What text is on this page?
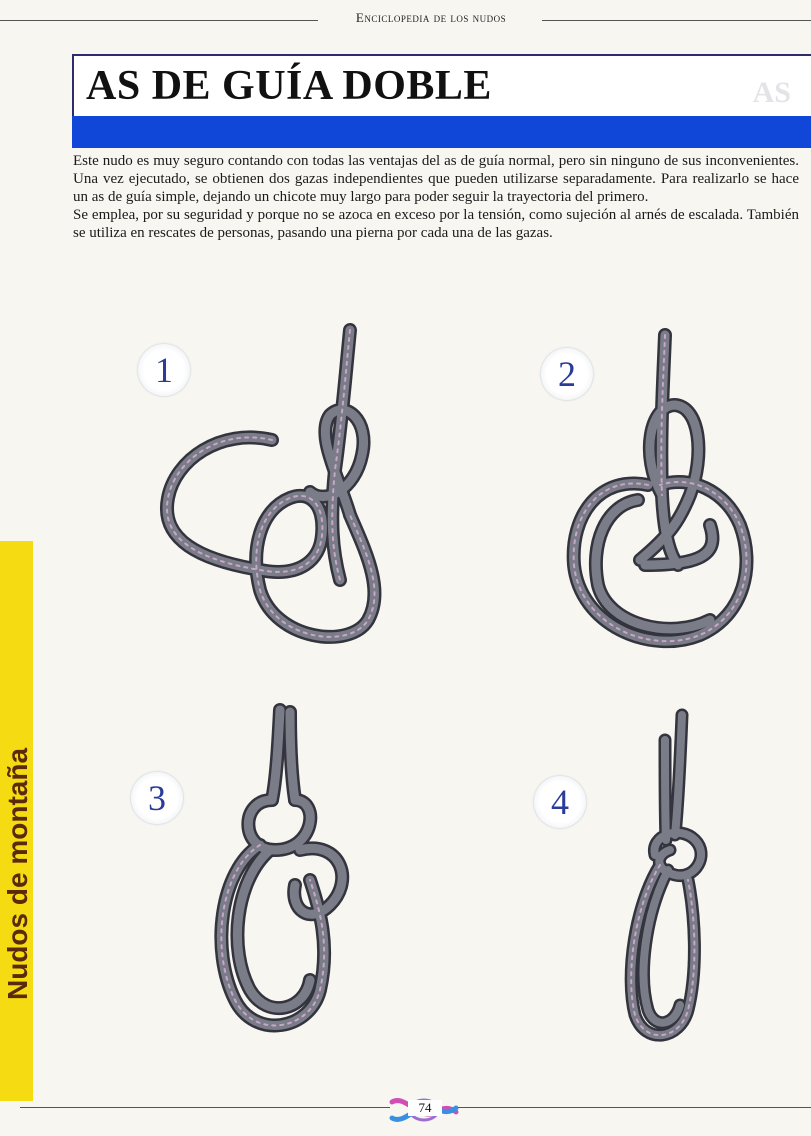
Enciclopedia de los nudos
AS DE GUÍA DOBLE	AS

Este nudo es muy seguro contando con todas las ventajas del as de guía normal, pero sin ninguno de sus inconvenientes. Una vez ejecutado, se obtienen dos gazas independientes que pueden utilizarse separadamente. Para realizarlo se hace un as de guía simple, dejando un chicote muy largo para poder seguir la trayectoria del primero.

Se emplea, por su seguridad y porque no se azoca en exceso por la tensión, como sujeción al arnés de escalada. También se utiliza en rescates de personas, pasando una pierna por cada una de las gazas.

Nudos de montaña
1	2
3	4
74
